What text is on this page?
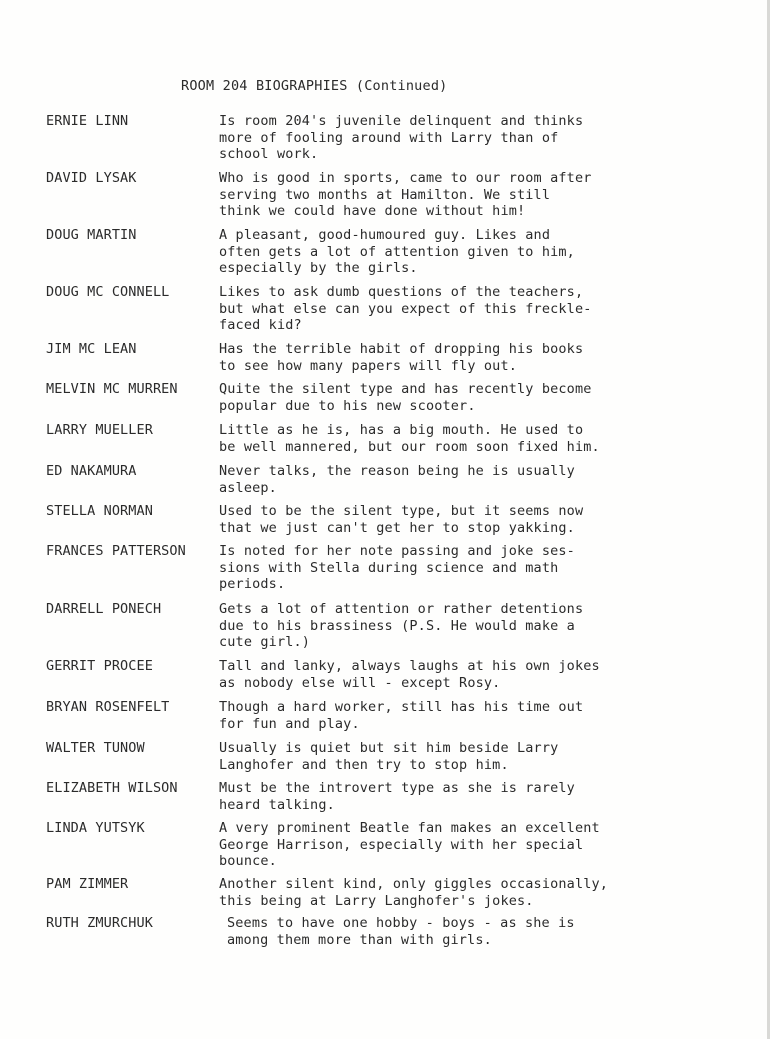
ROOM 204 BIOGRAPHIES (Continued)
ERNIE LINN	Is room 204's juvenile delinquent and thinks
more of fooling around with Larry than of
school work.
DAVID LYSAK	Who is good in sports, came to our room after
serving two months at Hamilton. We still
think we could have done without him!
DOUG MARTIN	A pleasant, good-humoured guy. Likes and
often gets a lot of attention given to him,
especially by the girls.
DOUG MC CONNELL	Likes to ask dumb questions of the teachers,
but what else can you expect of this freckle-
faced kid?
JIM MC LEAN	Has the terrible habit of dropping his books
to see how many papers will fly out.
MELVIN MC MURREN	Quite the silent type and has recently become
popular due to his new scooter.
LARRY MUELLER	Little as he is, has a big mouth. He used to
be well mannered, but our room soon fixed him.
ED NAKAMURA	Never talks, the reason being he is usually
asleep.
STELLA NORMAN	Used to be the silent type, but it seems now
that we just can't get her to stop yakking.
FRANCES PATTERSON Is noted for her note passing and joke ses-
sions with Stella during science and math
periods.
DARRELL PONECH	Gets a lot of attention or rather detentions
due to his brassiness (P.S. He would make a
cute girl.)
GERRIT PROCEE	Tall and lanky, always laughs at his own jokes
as nobody else will - except Rosy.
BRYAN ROSENFELT	Though a hard worker, still has his time out
for fun and play.
WALTER TUNOW	Usually is quiet but sit him beside Larry
Langhofer and then try to stop him.
ELIZABETH WILSON	Must be the introvert type as she is rarely
heard talking.
LINDA YUTSYK	A very prominent Beatle fan makes an excellent
George Harrison, especially with her special
bounce.
PAM ZIMMER	Another silent kind, only giggles occasionally,
this being at Larry Langhofer's jokes.
RUTH ZMURCHUK	Seems to have one hobby - boys - as she is
among them more than with girls.
